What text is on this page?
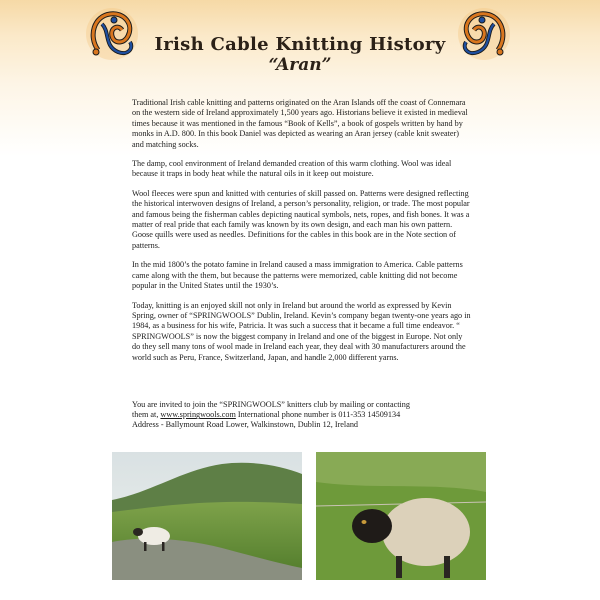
Irish Cable Knitting History
“Aran”

Traditional Irish cable knitting and patterns originated on the Aran Islands off the coast of Connemara on the western side of Ireland approximately 1,500 years ago. Historians believe it existed in medieval times because it was mentioned in the famous “Book of Kells”, a book of gospels written by hand by monks in A.D. 800. In this book Daniel was depicted as wearing an Aran jersey (cable knit sweater) and matching socks.

The damp, cool environment of Ireland demanded creation of this warm clothing. Wool was ideal because it traps in body heat while the natural oils in it keep out moisture.

Wool fleeces were spun and knitted with centuries of skill passed on. Patterns were designed reflecting the historical interwoven designs of Ireland, a person’s personality, religion, or trade. The most popular and famous being the fisherman cables depicting nautical symbols, nets, ropes, and fish bones. It was a matter of real pride that each family was known by its own design, and each man his own pattern. Goose quills were used as needles. Definitions for the cables in this book are in the Note section of patterns.

In the mid 1800’s the potato famine in Ireland caused a mass immigration to America. Cable patterns came along with the them, but because the patterns were memorized, cable knitting did not become popular in the United States until the 1930’s.

Today, knitting is an enjoyed skill not only in Ireland but around the world as expressed by Kevin Spring, owner of “SPRINGWOOLS” Dublin, Ireland. Kevin’s company began twenty-one years ago in 1984, as a business for his wife, Patricia. It was such a success that it became a full time endeavor. “ SPRINGWOOLS” is now the biggest company in Ireland and one of the biggest in Europe. Not only do they sell many tons of wool made in Ireland each year, they deal with 30 manufacturers around the world such as Peru, France, Switzerland, Japan, and handle 2,000 different yarns.

You are invited to join the “SPRINGWOOLS” knitters club by mailing or contacting
them at, www.springwools.com International phone number is 011-353 14509134
Address - Ballymount Road Lower, Walkinstown, Dublin 12, Ireland
